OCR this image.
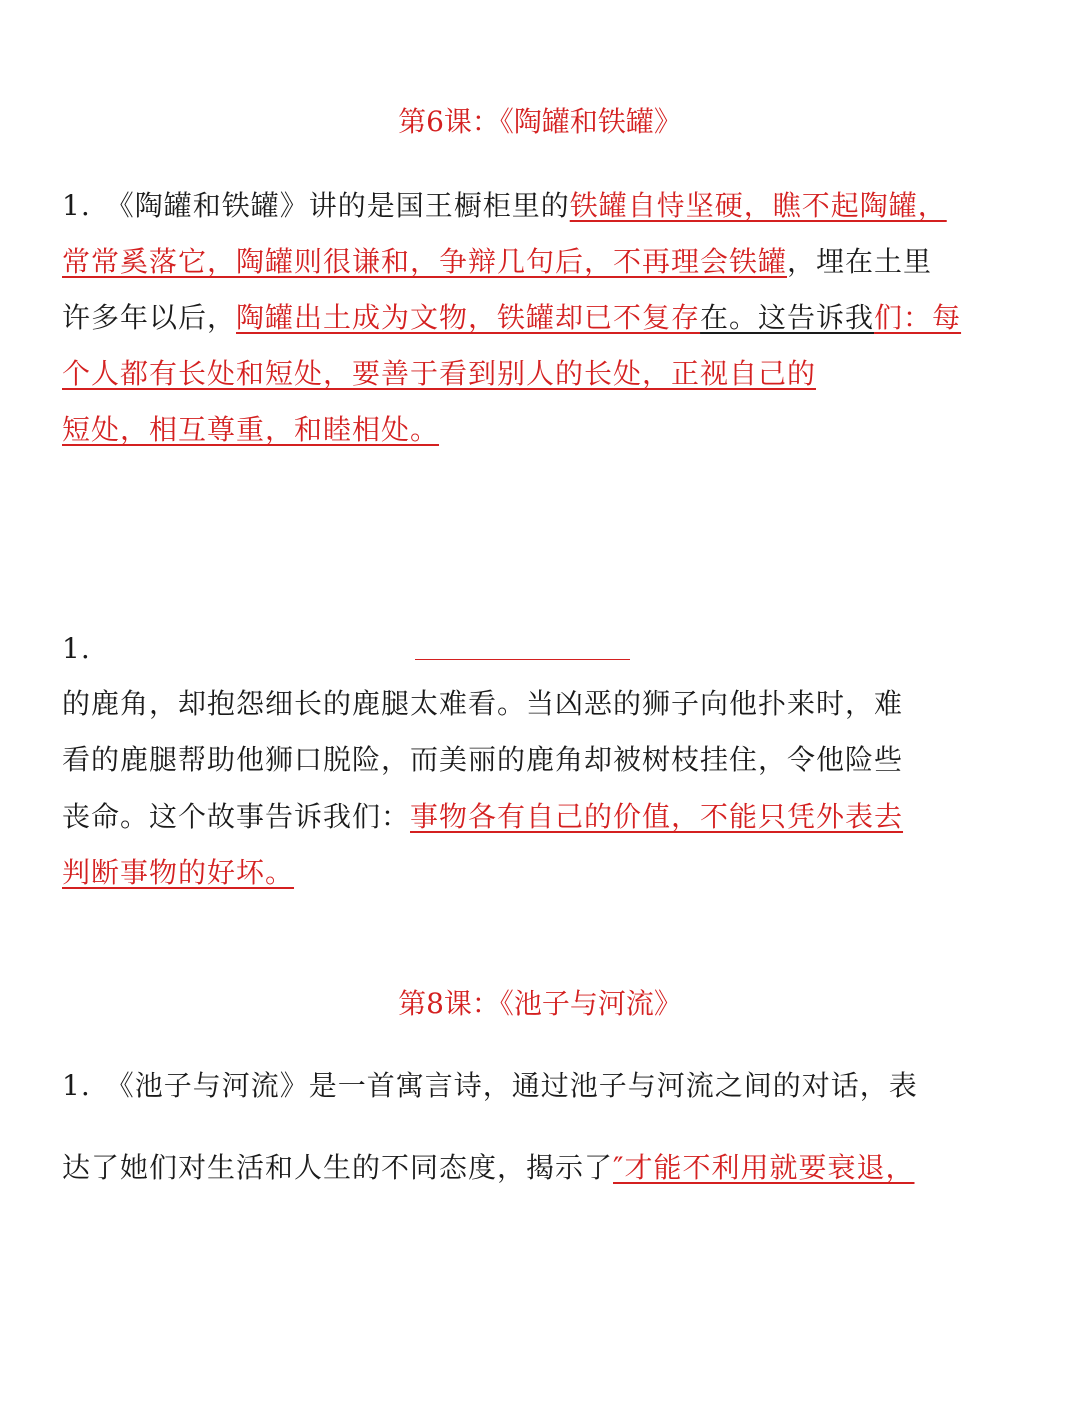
第6课：《陶罐和铁罐》
1.　《陶罐和铁罐》讲的是国王橱柜里的铁罐自恃坚硬，瞧不起陶罐，
常常奚落它，陶罐则很谦和，争辩几句后，不再理会铁罐，埋在土里
许多年以后，陶罐出土成为文物，铁罐却已不复存在。这告诉我们：每
个人都有长处和短处，要善于看到别人的长处，正视自己的
短处，相互尊重，和睦相处。
1.
的鹿角，却抱怨细长的鹿腿太难看。当凶恶的狮子向他扑来时，难
看的鹿腿帮助他狮口脱险，而美丽的鹿角却被树枝挂住，令他险些
丧命。这个故事告诉我们：事物各有自己的价值，不能只凭外表去
判断事物的好坏。
第8课：《池子与河流》
1.　《池子与河流》是一首寓言诗，通过池子与河流之间的对话，表
达了她们对生活和人生的不同态度，揭示了″才能不利用就要衰退，
